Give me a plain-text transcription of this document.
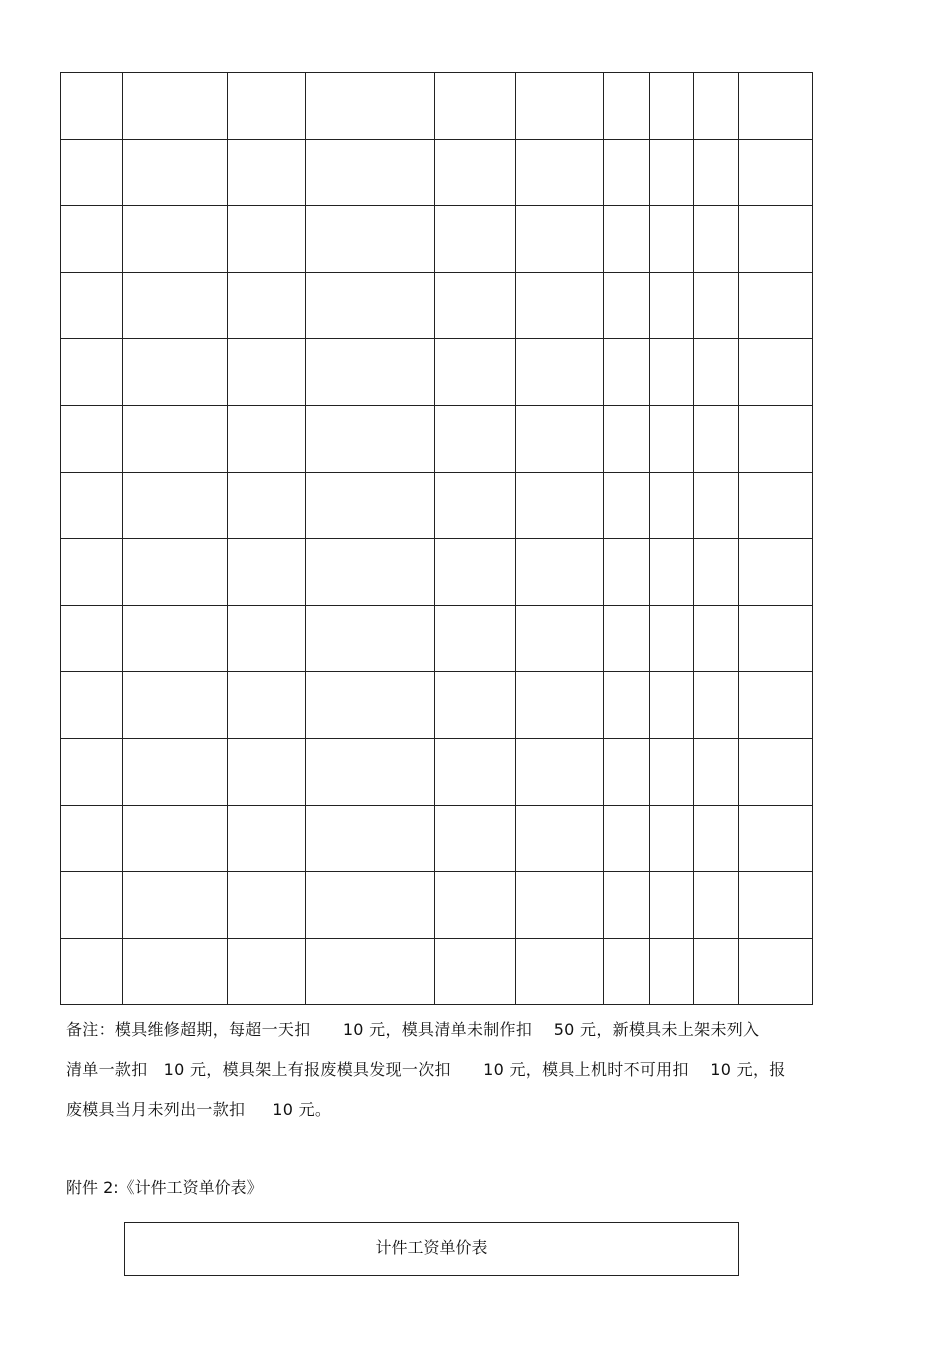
备注：模具维修超期，每超一天扣      10 元，模具清单未制作扣    50 元，新模具未上架未列入
清单一款扣   10 元，模具架上有报废模具发现一次扣      10 元，模具上机时不可用扣    10 元，报
废模具当月未列出一款扣     10 元。
附件 2:《计件工资单价表》
计件工资单价表
